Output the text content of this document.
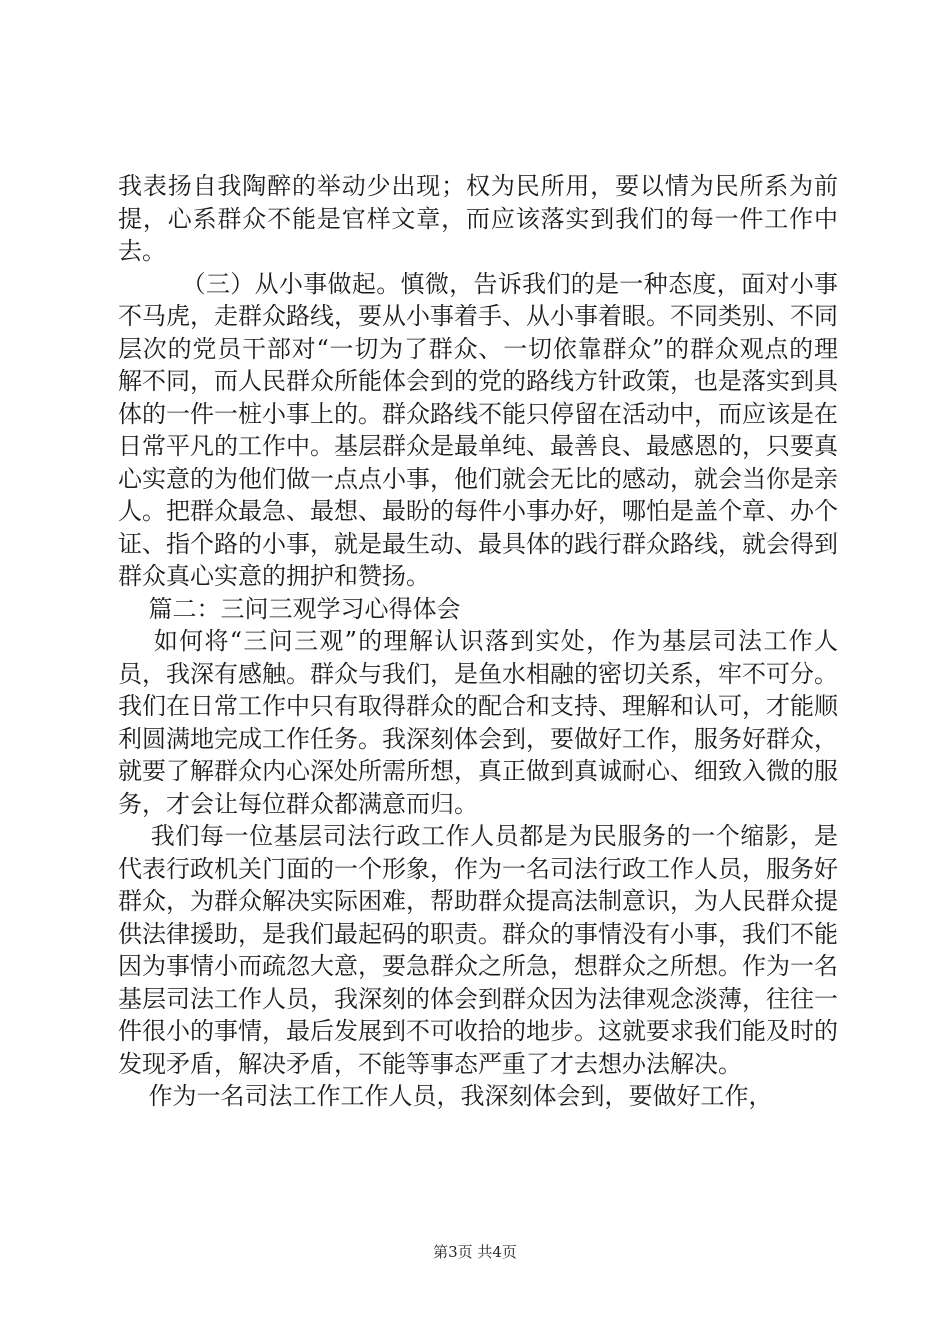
我表扬自我陶醉的举动少出现；权为民所用，要以情为民所系为前提，心系群众不能是官样文章，而应该落实到我们的每一件工作中去。

（三）从小事做起。慎微，告诉我们的是一种态度，面对小事不马虎，走群众路线，要从小事着手、从小事着眼。不同类别、不同层次的党员干部对“一切为了群众、一切依靠群众”的群众观点的理解不同，而人民群众所能体会到的党的路线方针政策，也是落实到具体的一件一桩小事上的。群众路线不能只停留在活动中，而应该是在日常平凡的工作中。基层群众是最单纯、最善良、最感恩的，只要真心实意的为他们做一点点小事，他们就会无比的感动，就会当你是亲人。把群众最急、最想、最盼的每件小事办好，哪怕是盖个章、办个证、指个路的小事，就是最生动、最具体的践行群众路线，就会得到群众真心实意的拥护和赞扬。

篇二：三问三观学习心得体会

如何将“三问三观”的理解认识落到实处，作为基层司法工作人员，我深有感触。群众与我们，是鱼水相融的密切关系，牢不可分。我们在日常工作中只有取得群众的配合和支持、理解和认可，才能顺利圆满地完成工作任务。我深刻体会到，要做好工作，服务好群众，就要了解群众内心深处所需所想，真正做到真诚耐心、细致入微的服务，才会让每位群众都满意而归。

我们每一位基层司法行政工作人员都是为民服务的一个缩影，是代表行政机关门面的一个形象，作为一名司法行政工作人员，服务好群众，为群众解决实际困难，帮助群众提高法制意识，为人民群众提供法律援助，是我们最起码的职责。群众的事情没有小事，我们不能因为事情小而疏忽大意，要急群众之所急，想群众之所想。作为一名基层司法工作人员，我深刻的体会到群众因为法律观念淡薄，往往一件很小的事情，最后发展到不可收拾的地步。这就要求我们能及时的发现矛盾，解决矛盾，不能等事态严重了才去想办法解决。

作为一名司法工作工作人员，我深刻体会到，要做好工作，

第3页 共4页
